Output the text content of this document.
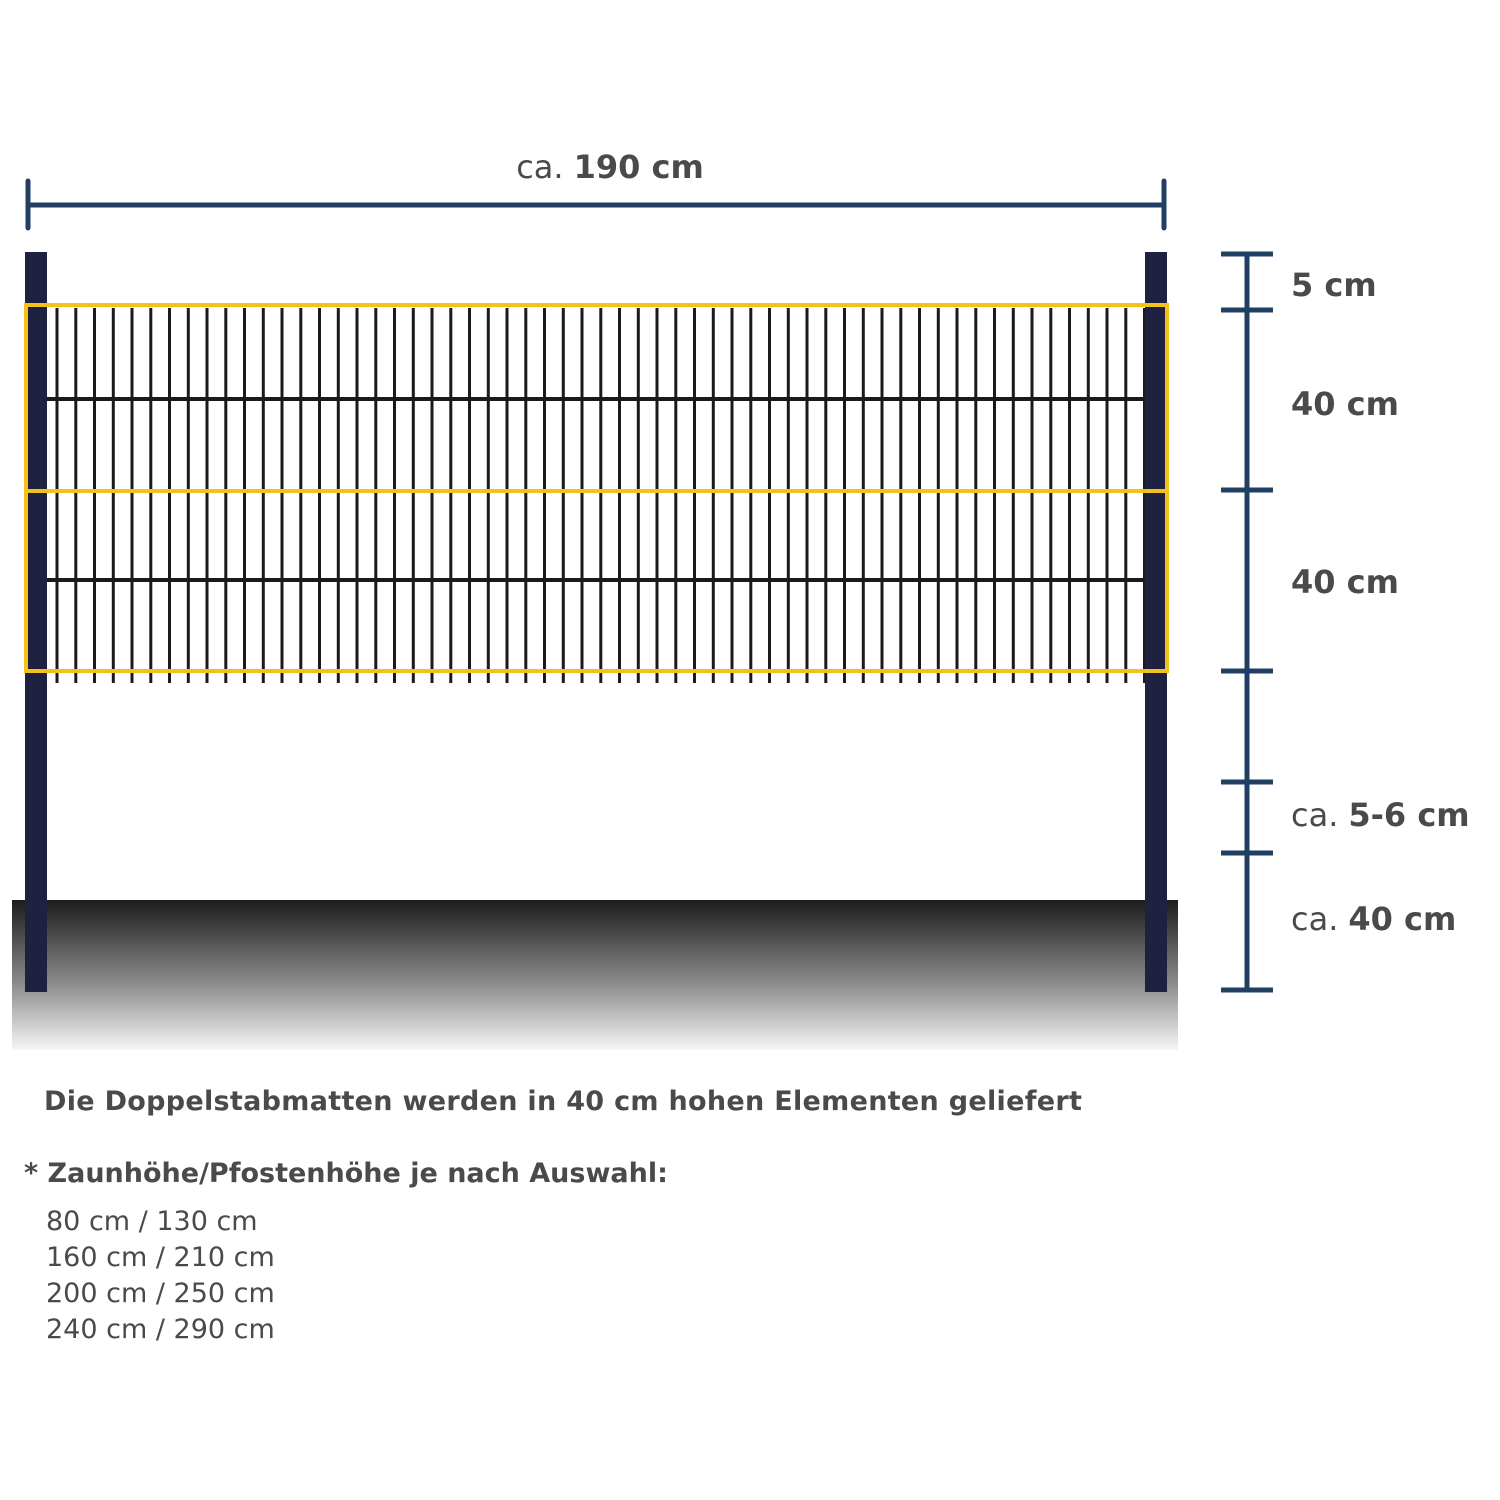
ca. 190 cm
5 cm
40 cm
40 cm
ca. 5-6 cm
ca. 40 cm
Die Doppelstabmatten werden in 40 cm hohen Elementen geliefert
* Zaunhöhe/Pfostenhöhe je nach Auswahl:
80 cm / 130 cm
160 cm / 210 cm
200 cm / 250 cm
240 cm / 290 cm
